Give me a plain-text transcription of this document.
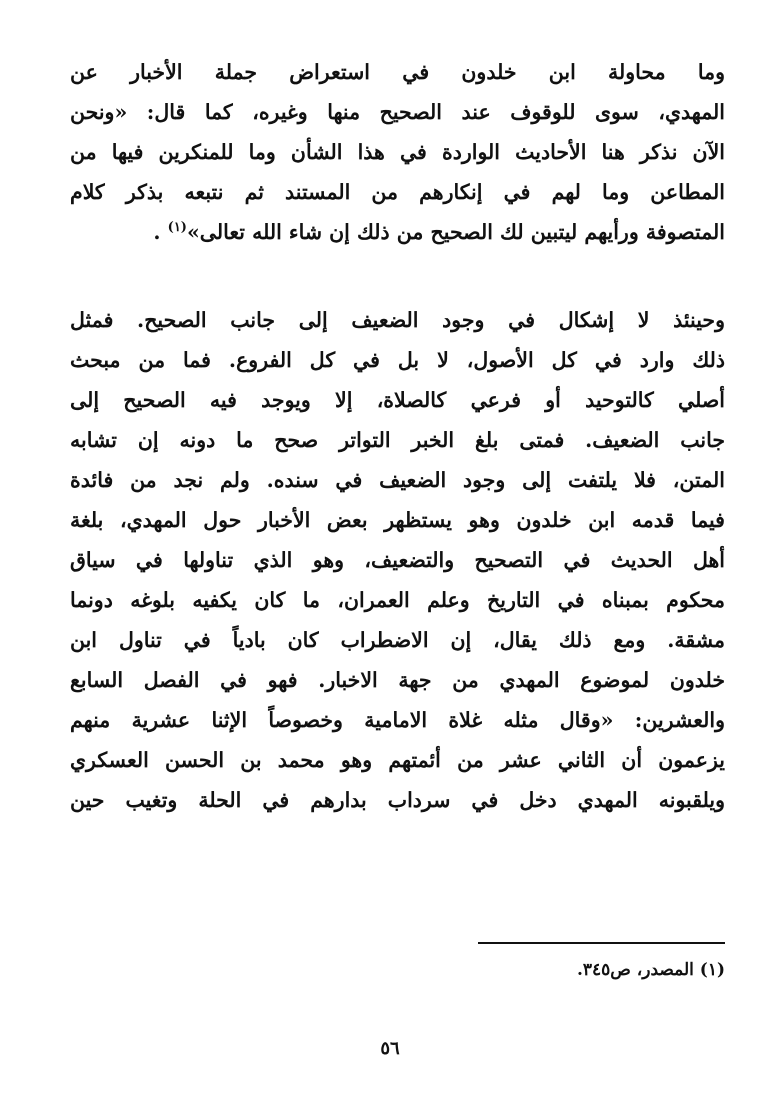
وما محاولة ابن خلدون في استعراض جملة الأخبار عن
المهدي، سوى للوقوف عند الصحيح منها وغيره، كما قال: «ونحن
الآن نذكر هنا الأحاديث الواردة في هذا الشأن وما للمنكرين فيها من
المطاعن وما لهم في إنكارهم من المستند ثم نتبعه بذكر كلام
المتصوفة ورأيهم ليتبين لك الصحيح من ذلك إن شاء الله تعالى»$^{(١)}$ .
وحينئذ لا إشكال في وجود الضعيف إلى جانب الصحيح. فمثل
ذلك وارد في كل الأصول، لا بل في كل الفروع. فما من مبحث
أصلي كالتوحيد أو فرعي كالصلاة، إلا ويوجد فيه الصحيح إلى
جانب الضعيف. فمتى بلغ الخبر التواتر صحح ما دونه إن تشابه
المتن، فلا يلتفت إلى وجود الضعيف في سنده. ولم نجد من فائدة
فيما قدمه ابن خلدون وهو يستظهر بعض الأخبار حول المهدي، بلغة
أهل الحديث في التصحيح والتضعيف، وهو الذي تناولها في سياق
محكوم بمبناه في التاريخ وعلم العمران، ما كان يكفيه بلوغه دونما
مشقة. ومع ذلك يقال، إن الاضطراب كان بادياً في تناول ابن
خلدون لموضوع المهدي من جهة الاخبار. فهو في الفصل السابع
والعشرين: «وقال مثله غلاة الامامية وخصوصاً الإثنا عشرية منهم
يزعمون أن الثاني عشر من أئمتهم وهو محمد بن الحسن العسكري
ويلقبونه المهدي دخل في سرداب بدارهم في الحلة وتغيب حين
(١) المصدر، ص٣٤٥.
٥٦
